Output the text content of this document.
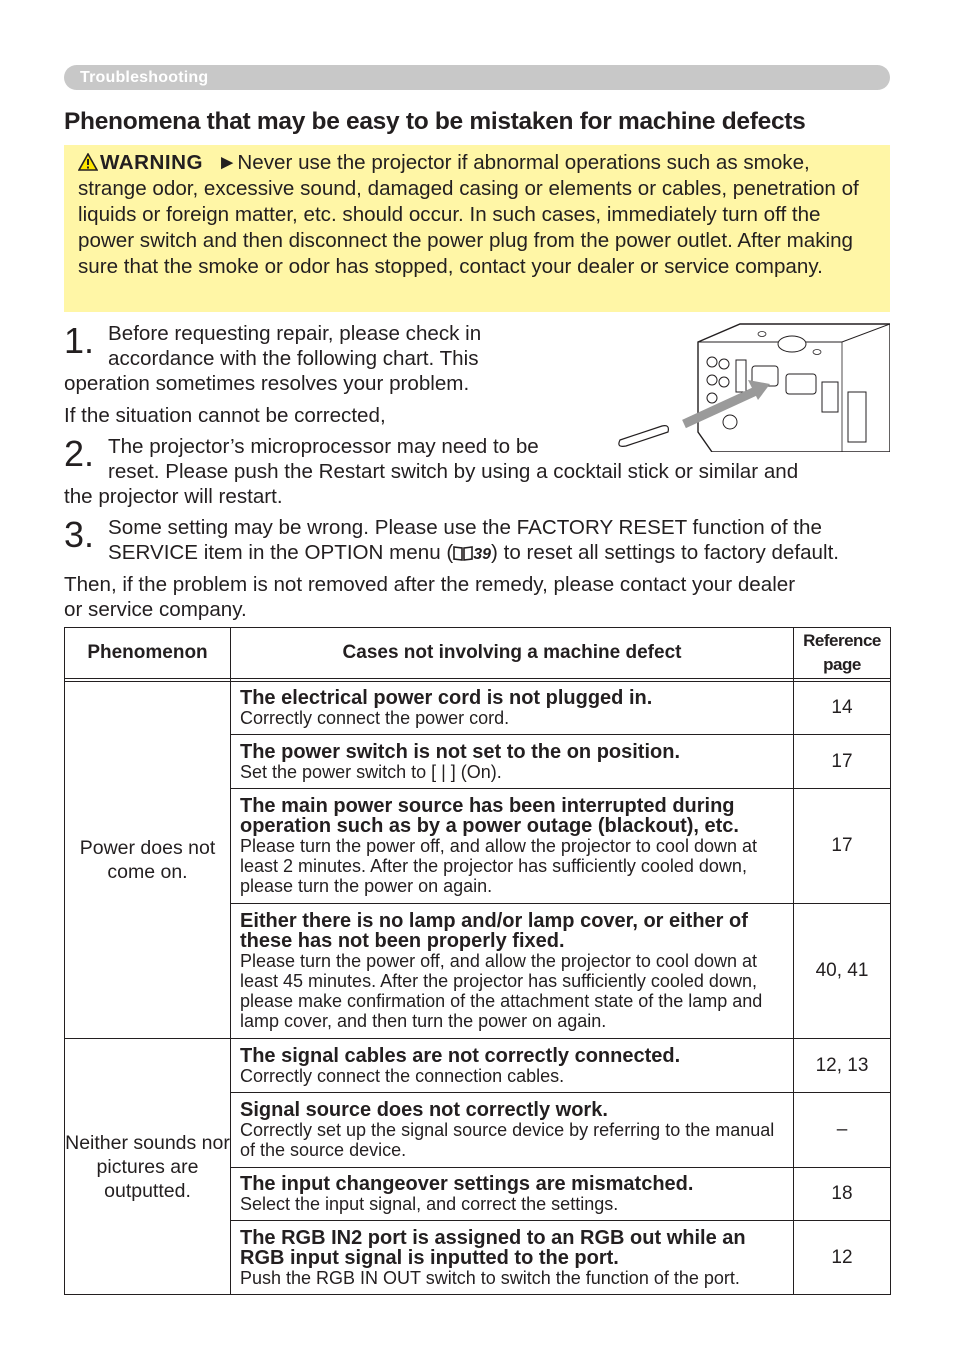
Troubleshooting
Phenomena that may be easy to be mistaken for machine defects
WARNING ►Never use the projector if abnormal operations such as smoke, strange odor, excessive sound, damaged casing or elements or cables, penetration of liquids or foreign matter, etc. should occur. In such cases, immediately turn off the power switch and then disconnect the power plug from the power outlet. After making sure that the smoke or odor has stopped, contact your dealer or service company.
1. Before requesting repair, please check in
accordance with the following chart. This
operation sometimes resolves your problem.
If the situation cannot be corrected,
2. The projector’s microprocessor may need to be
reset. Please push the Restart switch by using a cocktail stick or similar and
the projector will restart.
3. Some setting may be wrong. Please use the FACTORY RESET function of the
SERVICE item in the OPTION menu ( 39) to reset all settings to factory default.
Then, if the problem is not removed after the remedy, please contact your dealer
or service company.
Phenomenon	Cases not involving a machine defect	Reference
page

Power does not come on.	The electrical power cord is not plugged in.
Correctly connect the power cord.	14

	The power switch is not set to the on position.
Set the power switch to [ | ] (On).	17

	The main power source has been interrupted during operation such as by a power outage (blackout), etc.
Please turn the power off, and allow the projector to cool down at least 2 minutes. After the projector has sufficiently cooled down, please turn the power on again.	17

	Either there is no lamp and/or lamp cover, or either of these has not been properly fixed.
Please turn the power off, and allow the projector to cool down at least 45 minutes. After the projector has sufficiently cooled down, please make confirmation of the attachment state of the lamp and lamp cover, and then turn the power on again.	40, 41
Neither sounds nor pictures are outputted.	The signal cables are not correctly connected.
Correctly connect the connection cables.	12, 13

	Signal source does not correctly work.
Correctly set up the signal source device by referring to the manual of the source device.	–

	The input changeover settings are mismatched.
Select the input signal, and correct the settings.	18

	The RGB IN2 port is assigned to an RGB out while an RGB input signal is inputted to the port.
Push the RGB IN OUT switch to switch the function of the port.	12
